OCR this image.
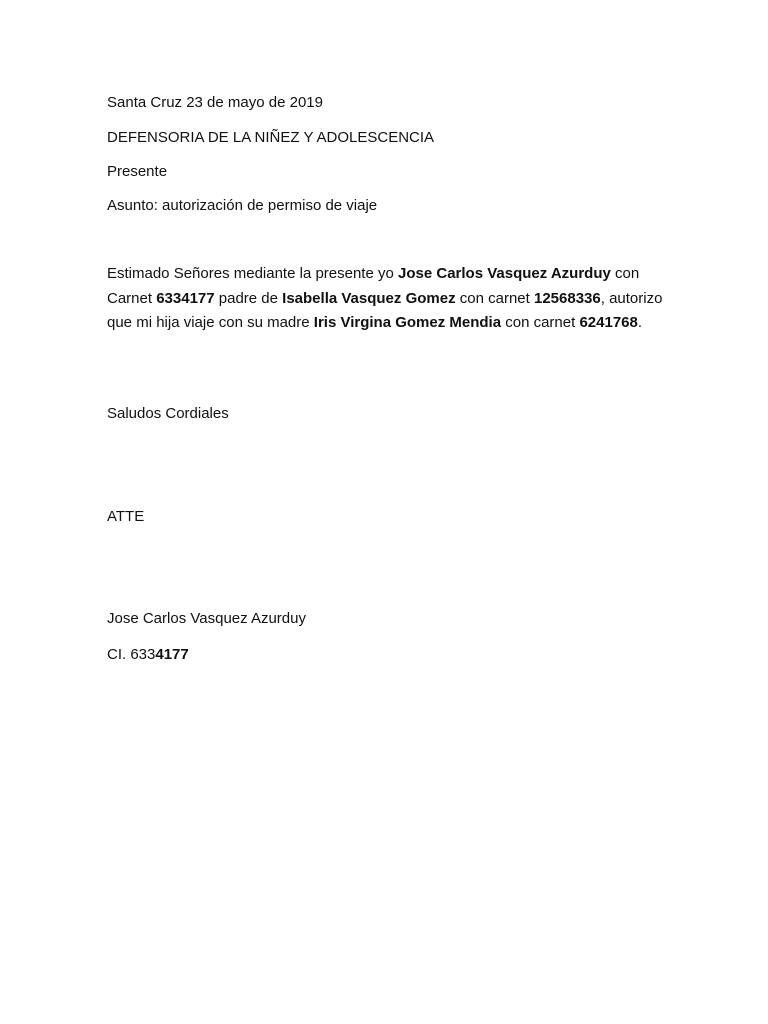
Santa Cruz 23 de mayo de 2019

DEFENSORIA DE LA NIÑEZ Y ADOLESCENCIA

Presente

Asunto: autorización de permiso de viaje

Estimado Señores mediante la presente yo Jose Carlos Vasquez Azurduy con Carnet 6334177 padre de Isabella Vasquez Gomez con carnet 12568336, autorizo que mi hija viaje con su madre Iris Virgina Gomez Mendia con carnet 6241768.

Saludos Cordiales

ATTE

Jose Carlos Vasquez Azurduy

CI. 6334177
